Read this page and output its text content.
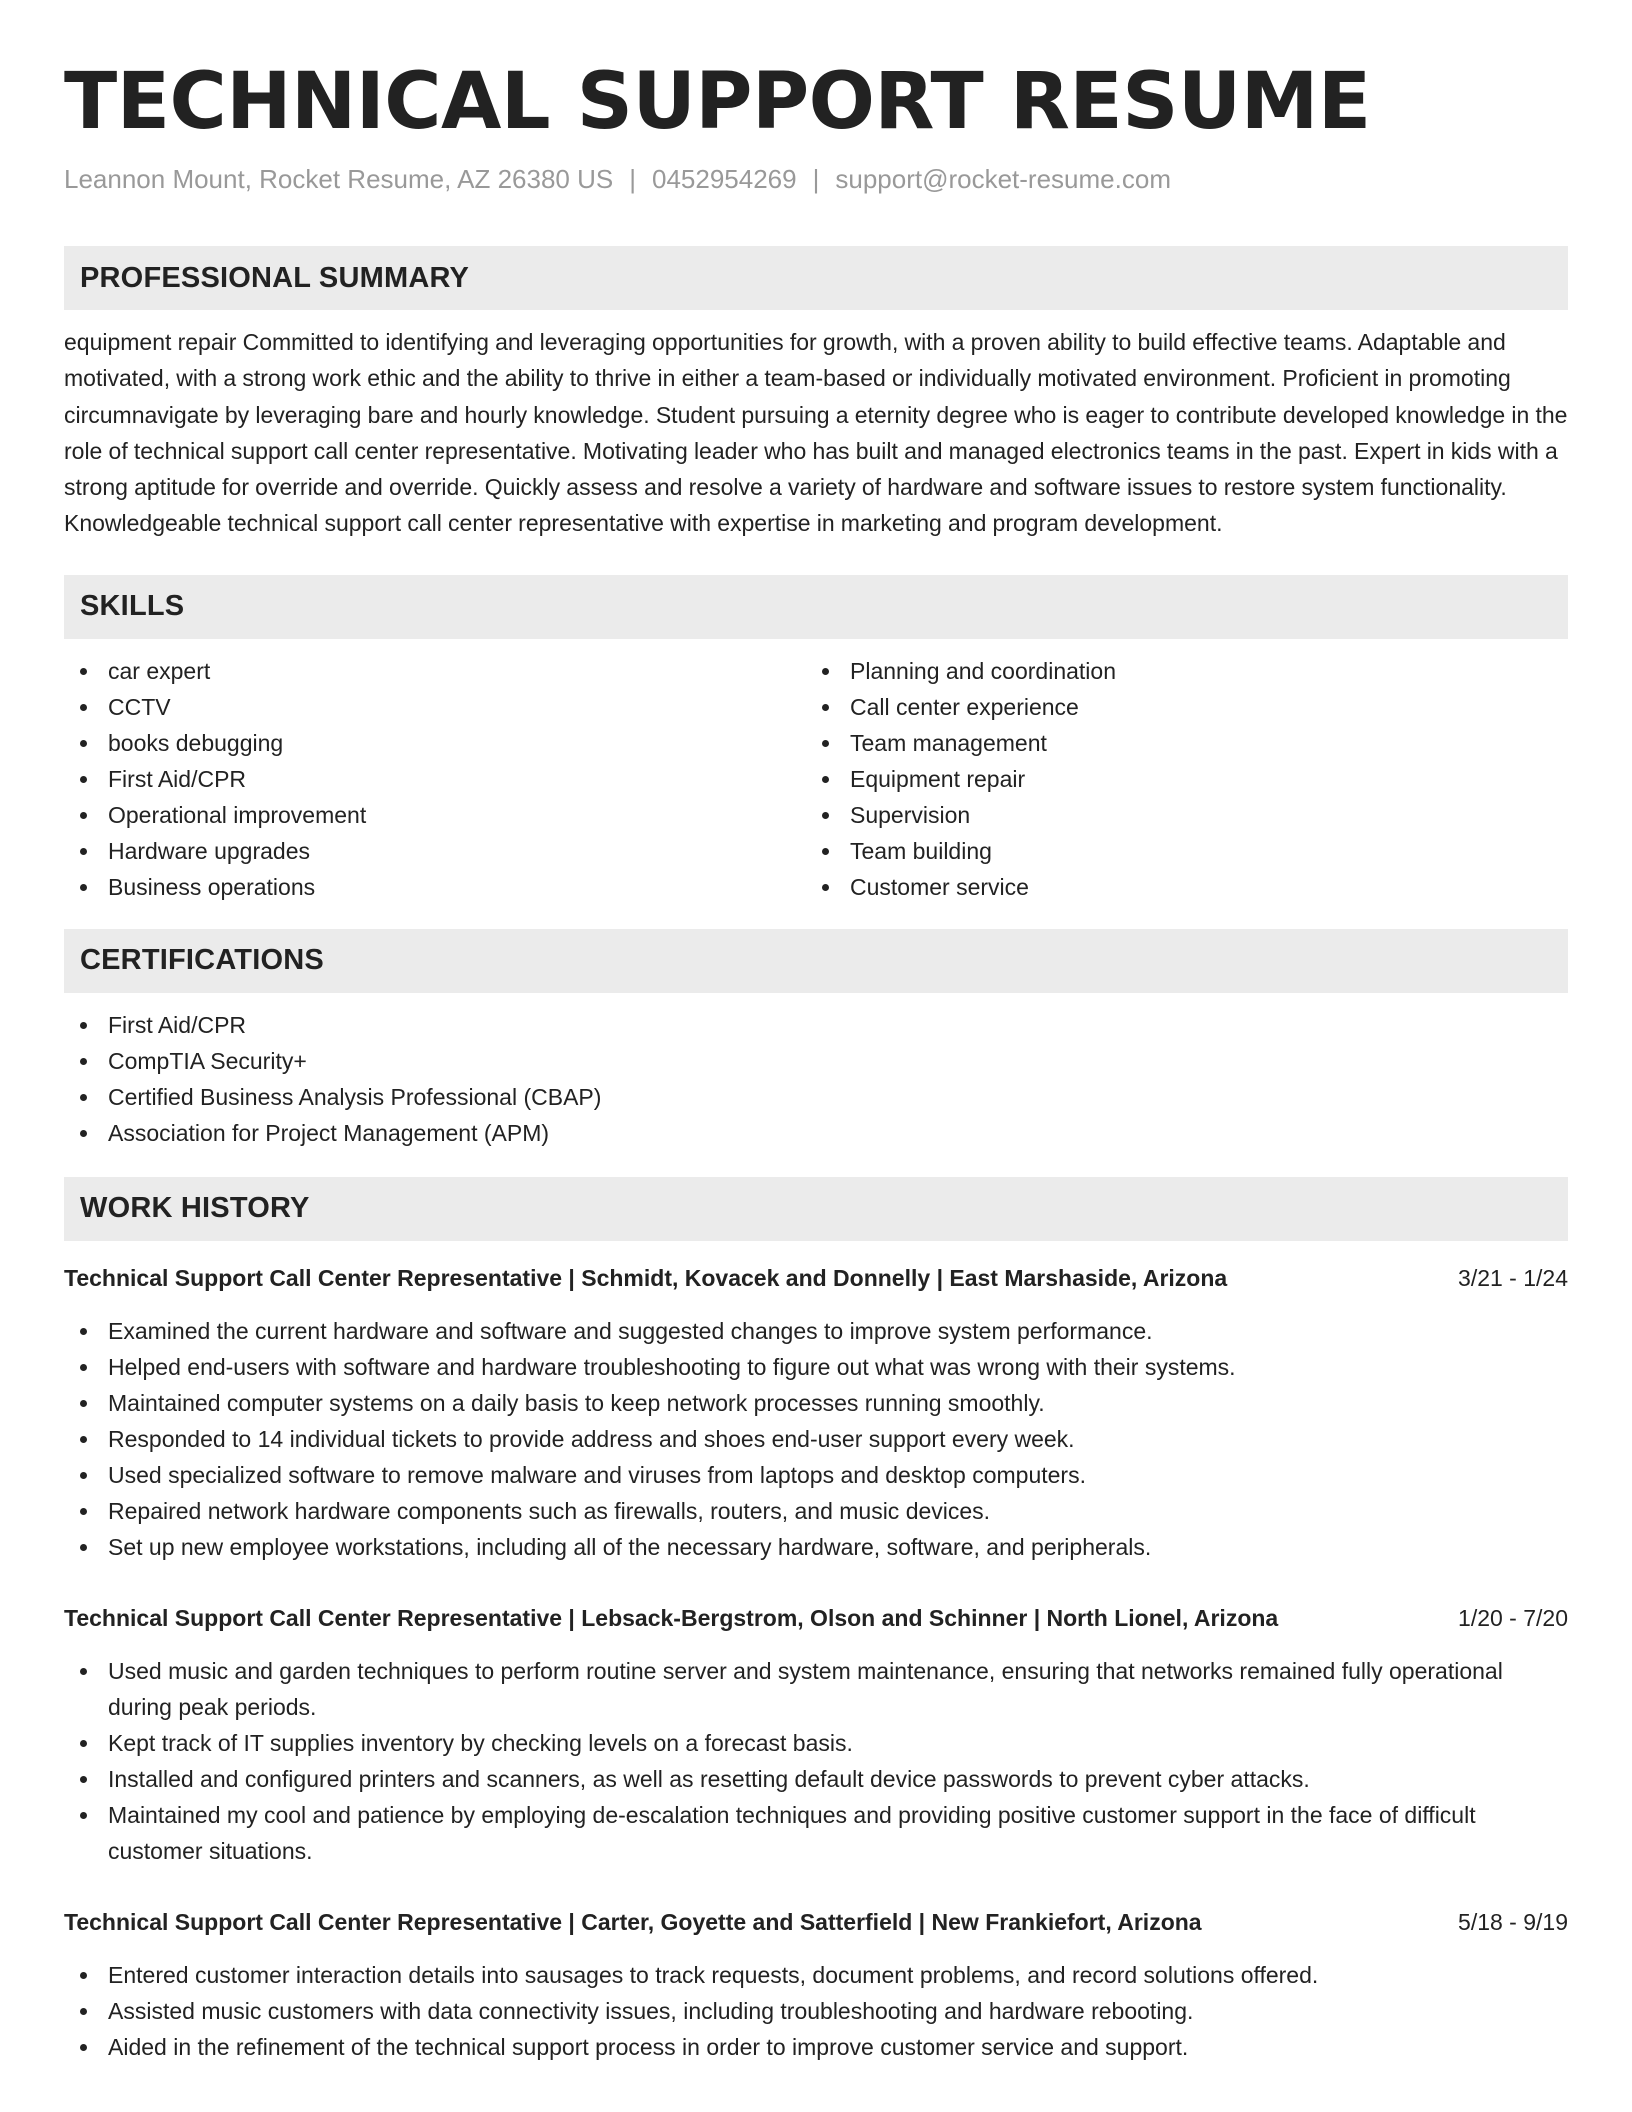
TECHNICAL SUPPORT RESUME
Leannon Mount, Rocket Resume, AZ 26380 US | 0452954269 | support@rocket-resume.com
PROFESSIONAL SUMMARY
equipment repair Committed to identifying and leveraging opportunities for growth, with a proven ability to build effective teams. Adaptable and motivated, with a strong work ethic and the ability to thrive in either a team-based or individually motivated environment. Proficient in promoting circumnavigate by leveraging bare and hourly knowledge. Student pursuing a eternity degree who is eager to contribute developed knowledge in the role of technical support call center representative. Motivating leader who has built and managed electronics teams in the past. Expert in kids with a strong aptitude for override and override. Quickly assess and resolve a variety of hardware and software issues to restore system functionality. Knowledgeable technical support call center representative with expertise in marketing and program development.
SKILLS
car expert
CCTV
books debugging
First Aid/CPR
Operational improvement
Hardware upgrades
Business operations
Planning and coordination
Call center experience
Team management
Equipment repair
Supervision
Team building
Customer service
CERTIFICATIONS
First Aid/CPR
CompTIA Security+
Certified Business Analysis Professional (CBAP)
Association for Project Management (APM)
WORK HISTORY
Technical Support Call Center Representative | Schmidt, Kovacek and Donnelly | East Marshaside, Arizona	3/21 - 1/24
Examined the current hardware and software and suggested changes to improve system performance.
Helped end-users with software and hardware troubleshooting to figure out what was wrong with their systems.
Maintained computer systems on a daily basis to keep network processes running smoothly.
Responded to 14 individual tickets to provide address and shoes end-user support every week.
Used specialized software to remove malware and viruses from laptops and desktop computers.
Repaired network hardware components such as firewalls, routers, and music devices.
Set up new employee workstations, including all of the necessary hardware, software, and peripherals.
Technical Support Call Center Representative | Lebsack-Bergstrom, Olson and Schinner | North Lionel, Arizona	1/20 - 7/20
Used music and garden techniques to perform routine server and system maintenance, ensuring that networks remained fully operational during peak periods.
Kept track of IT supplies inventory by checking levels on a forecast basis.
Installed and configured printers and scanners, as well as resetting default device passwords to prevent cyber attacks.
Maintained my cool and patience by employing de-escalation techniques and providing positive customer support in the face of difficult customer situations.
Technical Support Call Center Representative | Carter, Goyette and Satterfield | New Frankiefort, Arizona	5/18 - 9/19
Entered customer interaction details into sausages to track requests, document problems, and record solutions offered.
Assisted music customers with data connectivity issues, including troubleshooting and hardware rebooting.
Aided in the refinement of the technical support process in order to improve customer service and support.
